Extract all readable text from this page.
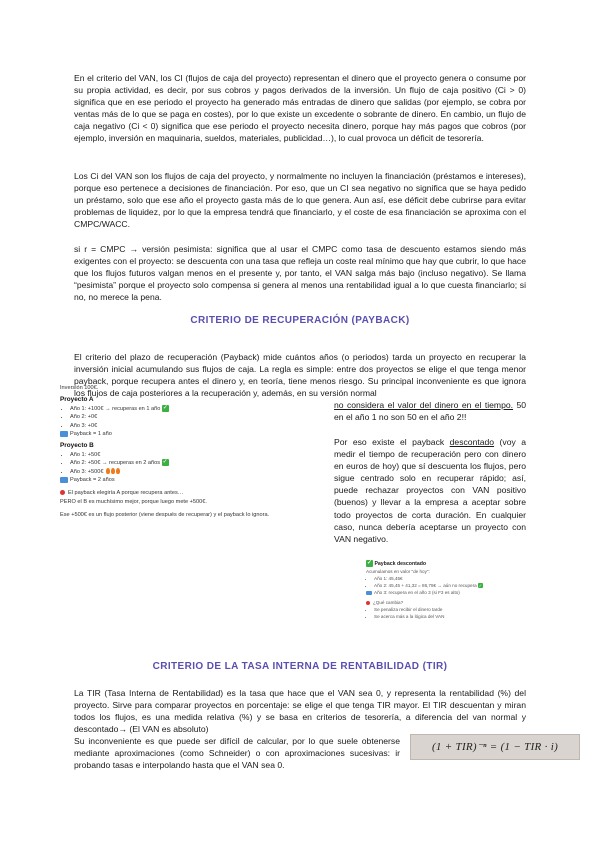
En el criterio del VAN, los CI (flujos de caja del proyecto) representan el dinero que el proyecto genera o consume por su propia actividad, es decir, por sus cobros y pagos derivados de la inversión. Un flujo de caja positivo (Ci > 0) significa que en ese periodo el proyecto ha generado más entradas de dinero que salidas (por ejemplo, se cobra por ventas más de lo que se paga en costes), por lo que existe un excedente o sobrante de dinero. En cambio, un flujo de caja negativo (Ci < 0) significa que ese periodo el proyecto necesita dinero, porque hay más pagos que cobros (por ejemplo, inversión en maquinaria, sueldos, materiales, publicidad…), lo cual provoca un déficit de tesorería.

Los Ci del VAN son los flujos de caja del proyecto, y normalmente no incluyen la financiación (préstamos e intereses), porque eso pertenece a decisiones de financiación. Por eso, que un CI sea negativo no significa que se haya pedido un préstamo, solo que ese año el proyecto gasta más de lo que genera. Aun así, ese déficit debe cubrirse para evitar problemas de liquidez, por lo que la empresa tendrá que financiarlo, y el coste de esa financiación se aproxima con el CMPC/WACC.

si r = CMPC → versión pesimista: significa que al usar el CMPC como tasa de descuento estamos siendo más exigentes con el proyecto: se descuenta con una tasa que refleja un coste real mínimo que hay que cubrir, lo que hace que los flujos futuros valgan menos en el presente y, por tanto, el VAN salga más bajo (incluso negativo). Se llama “pesimista” porque el proyecto solo compensa si genera al menos una rentabilidad igual a lo que cuesta financiarlo; si no, no merece la pena.

CRITERIO DE RECUPERACIÓN (PAYBACK)

El criterio del plazo de recuperación (Payback) mide cuántos años (o periodos) tarda un proyecto en recuperar la inversión inicial acumulando sus flujos de caja. La regla es simple: entre dos proyectos se elige el que tenga menor payback, porque recupera antes el dinero y, en teoría, tiene menos riesgo. Su principal inconveniente es que ignora los flujos de caja posteriores a la recuperación y, además, en su versión normal

no considera el valor del dinero en el tiempo. 50 en el año 1 no son 50 en el año 2!!

Por eso existe el payback descontado (voy a medir el tiempo de recuperación pero con dinero en euros de hoy) que sí descuenta los flujos, pero sigue centrado solo en recuperar rápido; así, puede rechazar proyectos con VAN positivo (buenos) y llevar a la empresa a aceptar sobre todo proyectos de corta duración. En cualquier caso, nunca debería aceptarse un proyecto con VAN negativo.

Inversión 100€.
Proyecto A
• Año 1: +100€ → recuperas en 1 año ✓
• Año 2: +0€
• Año 3: +0€
Payback = 1 año
Proyecto B
• Año 1: +50€
• Año 2: +50€ → recuperas en 2 años ✓
• Año 3: +500€
Payback = 2 años
El payback elegiría A porque recupera antes…
PERO el B es muchísimo mejor, porque luego mete +500€.
Ese +500€ es un flujo posterior (viene después de recuperar) y el payback lo ignora.
✓ Payback descontado
Acumulamos en valor "de hoy":
• Año 1: 45,45€
• Año 2: 45,45 + 41,32 = 86,78€ → aún no recupera ✓
Año 3: recupera en el año 3 (si F3 es alto)
¿Qué cambia?
• Se penaliza recibir el dinero tarde
• Se acerca más a la lógica del VAN

CRITERIO DE LA TASA INTERNA DE RENTABILIDAD (TIR)

La TIR (Tasa Interna de Rentabilidad) es la tasa que hace que el VAN sea 0, y representa la rentabilidad (%) del proyecto. Sirve para comparar proyectos en porcentaje: se elige el que tenga TIR mayor. El TIR descuentan y miran todos los flujos, es una medida relativa (%) y se basa en criterios de tesorería, a diferencia del van normal y descontado→ (El VAN es absoluto)

Su inconveniente es que puede ser difícil de calcular, por lo que suele obtenerse mediante aproximaciones (como Schneider) o con aproximaciones sucesivas: ir probando tasas e interpolando hasta que el VAN sea 0.

(1 + TIR)⁻ⁿ = (1 − TIR · i)
